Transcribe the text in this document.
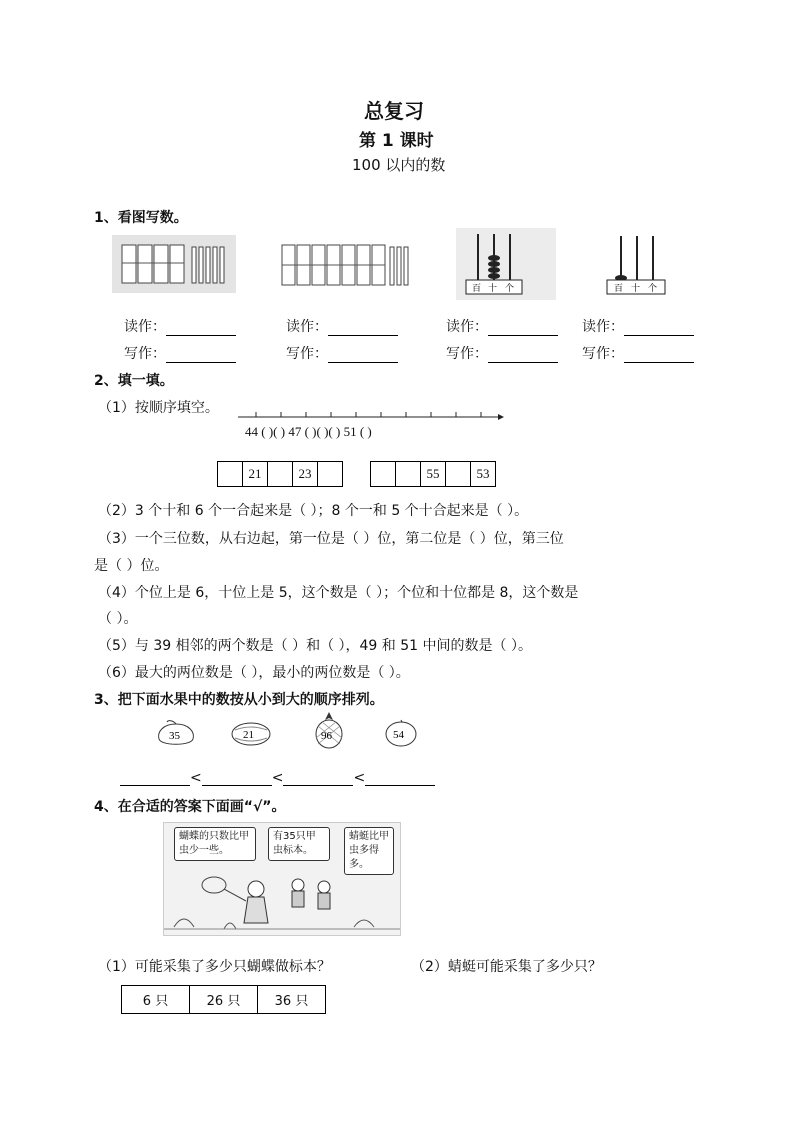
总复习
第 1 课时
100 以内的数
1、看图写数。
百 十 个	百 十 个
读作：	读作：	读作：	读作：
写作：	写作：	写作：	写作：
2、填一填。
（1）按顺序填空。
44 ( )( ) 47 ( )( )( ) 51 ( )
21	23	55	53
（2）3 个十和 6 个一合起来是（ ）；8 个一和 5 个十合起来是（ ）。
（3）一个三位数，从右边起，第一位是（ ）位，第二位是（ ）位，第三位
是（ ）位。
（4）个位上是 6，十位上是 5，这个数是（ ）；个位和十位都是 8，这个数是
（ ）。
（5）与 39 相邻的两个数是（ ）和（ ），49 和 51 中间的数是（ ）。
（6）最大的两位数是（ ），最小的两位数是（ ）。
3、把下面水果中的数按从小到大的顺序排列。
35	21	96	54
<	<	<
4、在合适的答案下面画“√”。
蝴蝶的只数比甲虫少一些。
有35只甲虫标本。
蜻蜓比甲虫多得多。
（1）可能采集了多少只蝴蝶做标本？	（2）蜻蜓可能采集了多少只？
6 只	26 只	36 只
